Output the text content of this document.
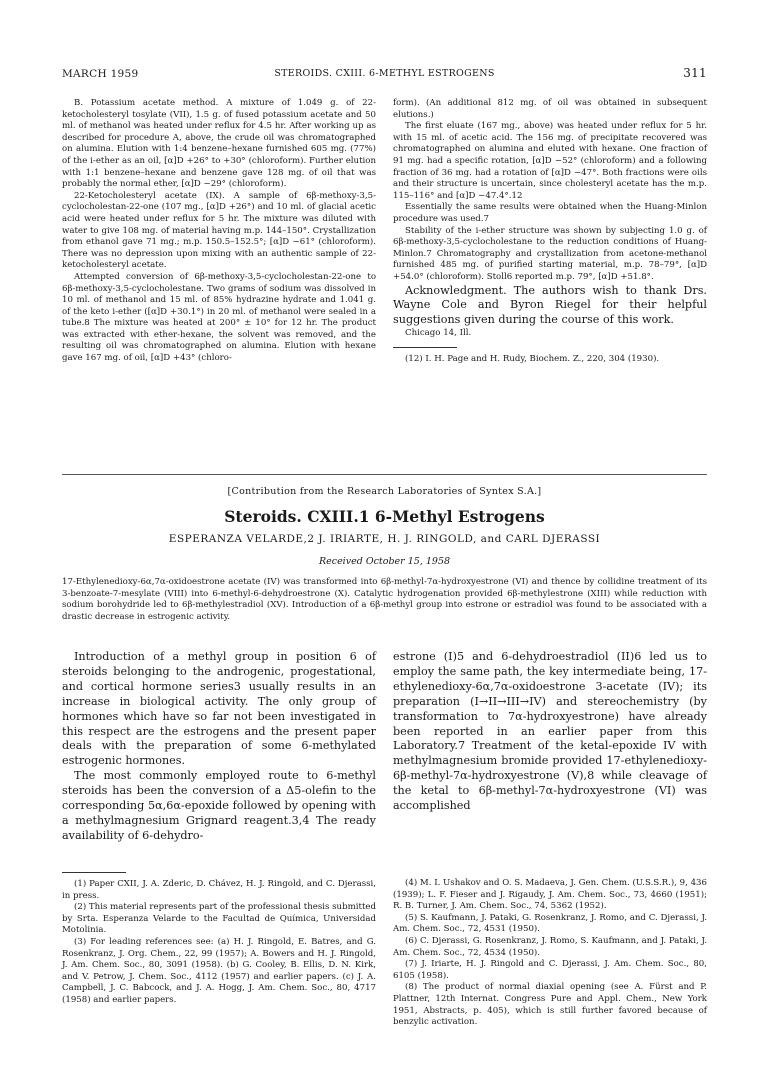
MARCH 1959	STEROIDS. CXIII. 6-METHYL ESTROGENS	311

B. Potassium acetate method. A mixture of 1.049 g. of 22-ketocholesteryl tosylate (VII), 1.5 g. of fused potassium acetate and 50 ml. of methanol was heated under reflux for 4.5 hr. After working up as described for procedure A, above, the crude oil was chromatographed on alumina. Elution with 1:4 benzene–hexane furnished 605 mg. (77%) of the i-ether as an oil, [α]D +26° to +30° (chloroform). Further elution with 1:1 benzene–hexane and benzene gave 128 mg. of oil that was probably the normal ether, [α]D −29° (chloroform).

22-Ketocholesteryl acetate (IX). A sample of 6β-methoxy-3,5-cyclocholestan-22-one (107 mg., [α]D +26°) and 10 ml. of glacial acetic acid were heated under reflux for 5 hr. The mixture was diluted with water to give 108 mg. of material having m.p. 144–150°. Crystallization from ethanol gave 71 mg.; m.p. 150.5–152.5°; [α]D −61° (chloroform). There was no depression upon mixing with an authentic sample of 22-ketocholesteryl acetate.

Attempted conversion of 6β-methoxy-3,5-cyclocholestan-22-one to 6β-methoxy-3,5-cyclocholestane. Two grams of sodium was dissolved in 10 ml. of methanol and 15 ml. of 85% hydrazine hydrate and 1.041 g. of the keto i-ether ([α]D +30.1°) in 20 ml. of methanol were sealed in a tube.8 The mixture was heated at 200° ± 10° for 12 hr. The product was extracted with ether-hexane, the solvent was removed, and the resulting oil was chromatographed on alumina. Elution with hexane gave 167 mg. of oil, [α]D +43° (chloro-

form). (An additional 812 mg. of oil was obtained in subsequent elutions.)

The first eluate (167 mg., above) was heated under reflux for 5 hr. with 15 ml. of acetic acid. The 156 mg. of precipitate recovered was chromatographed on alumina and eluted with hexane. One fraction of 91 mg. had a specific rotation, [α]D −52° (chloroform) and a following fraction of 36 mg. had a rotation of [α]D −47°. Both fractions were oils and their structure is uncertain, since cholesteryl acetate has the m.p. 115–116° and [α]D −47.4°.12

Essentially the same results were obtained when the Huang-Minlon procedure was used.7

Stability of the i-ether structure was shown by subjecting 1.0 g. of 6β-methoxy-3,5-cyclocholestane to the reduction conditions of Huang-Minlon.7 Chromatography and crystallization from acetone-methanol furnished 485 mg. of purified starting material, m.p. 78–79°, [α]D +54.0° (chloroform). Stoll6 reported m.p. 79°, [α]D +51.8°.

Acknowledgment. The authors wish to thank Drs. Wayne Cole and Byron Riegel for their helpful suggestions given during the course of this work.

Chicago 14, Ill.

(12) I. H. Page and H. Rudy, Biochem. Z., 220, 304 (1930).

[Contribution from the Research Laboratories of Syntex S.A.]
Steroids. CXIII.1 6-Methyl Estrogens
ESPERANZA VELARDE,2 J. IRIARTE, H. J. RINGOLD, and CARL DJERASSI
Received October 15, 1958
17-Ethylenedioxy-6α,7α-oxidoestrone acetate (IV) was transformed into 6β-methyl-7α-hydroxyestrone (VI) and thence by collidine treatment of its 3-benzoate-7-mesylate (VIII) into 6-methyl-6-dehydroestrone (X). Catalytic hydrogenation provided 6β-methylestrone (XIII) while reduction with sodium borohydride led to 6β-methylestradiol (XV). Introduction of a 6β-methyl group into estrone or estradiol was found to be associated with a drastic decrease in estrogenic activity.

Introduction of a methyl group in position 6 of steroids belonging to the androgenic, progestational, and cortical hormone series3 usually results in an increase in biological activity. The only group of hormones which have so far not been investigated in this respect are the estrogens and the present paper deals with the preparation of some 6-methylated estrogenic hormones.

The most commonly employed route to 6-methyl steroids has been the conversion of a Δ5-olefin to the corresponding 5α,6α-epoxide followed by opening with a methylmagnesium Grignard reagent.3,4 The ready availability of 6-dehydro-

estrone (I)5 and 6-dehydroestradiol (II)6 led us to employ the same path, the key intermediate being, 17-ethylenedioxy-6α,7α-oxidoestrone 3-acetate (IV); its preparation (I→II→III→IV) and stereochemistry (by transformation to 7α-hydroxyestrone) have already been reported in an earlier paper from this Laboratory.7 Treatment of the ketal-epoxide IV with methylmagnesium bromide provided 17-ethylenedioxy-6β-methyl-7α-hydroxyestrone (V),8 while cleavage of the ketal to 6β-methyl-7α-hydroxyestrone (VI) was accomplished

(1) Paper CXII, J. A. Zderic, D. Chávez, H. J. Ringold, and C. Djerassi, in press.

(2) This material represents part of the professional thesis submitted by Srta. Esperanza Velarde to the Facultad de Química, Universidad Motolinia.

(3) For leading references see: (a) H. J. Ringold, E. Batres, and G. Rosenkranz, J. Org. Chem., 22, 99 (1957); A. Bowers and H. J. Ringold, J. Am. Chem. Soc., 80, 3091 (1958). (b) G. Cooley, B. Ellis, D. N. Kirk, and V. Petrow, J. Chem. Soc., 4112 (1957) and earlier papers. (c) J. A. Campbell, J. C. Babcock, and J. A. Hogg, J. Am. Chem. Soc., 80, 4717 (1958) and earlier papers.

(4) M. I. Ushakov and O. S. Madaeva, J. Gen. Chem. (U.S.S.R.), 9, 436 (1939); L. F. Fieser and J. Rigaudy, J. Am. Chem. Soc., 73, 4660 (1951); R. B. Turner, J. Am. Chem. Soc., 74, 5362 (1952).

(5) S. Kaufmann, J. Pataki, G. Rosenkranz, J. Romo, and C. Djerassi, J. Am. Chem. Soc., 72, 4531 (1950).

(6) C. Djerassi, G. Rosenkranz, J. Romo, S. Kaufmann, and J. Pataki, J. Am. Chem. Soc., 72, 4534 (1950).

(7) J. Iriarte, H. J. Ringold and C. Djerassi, J. Am. Chem. Soc., 80, 6105 (1958).

(8) The product of normal diaxial opening (see A. Fürst and P. Plattner, 12th Internat. Congress Pure and Appl. Chem., New York 1951, Abstracts, p. 405), which is still further favored because of benzylic activation.
